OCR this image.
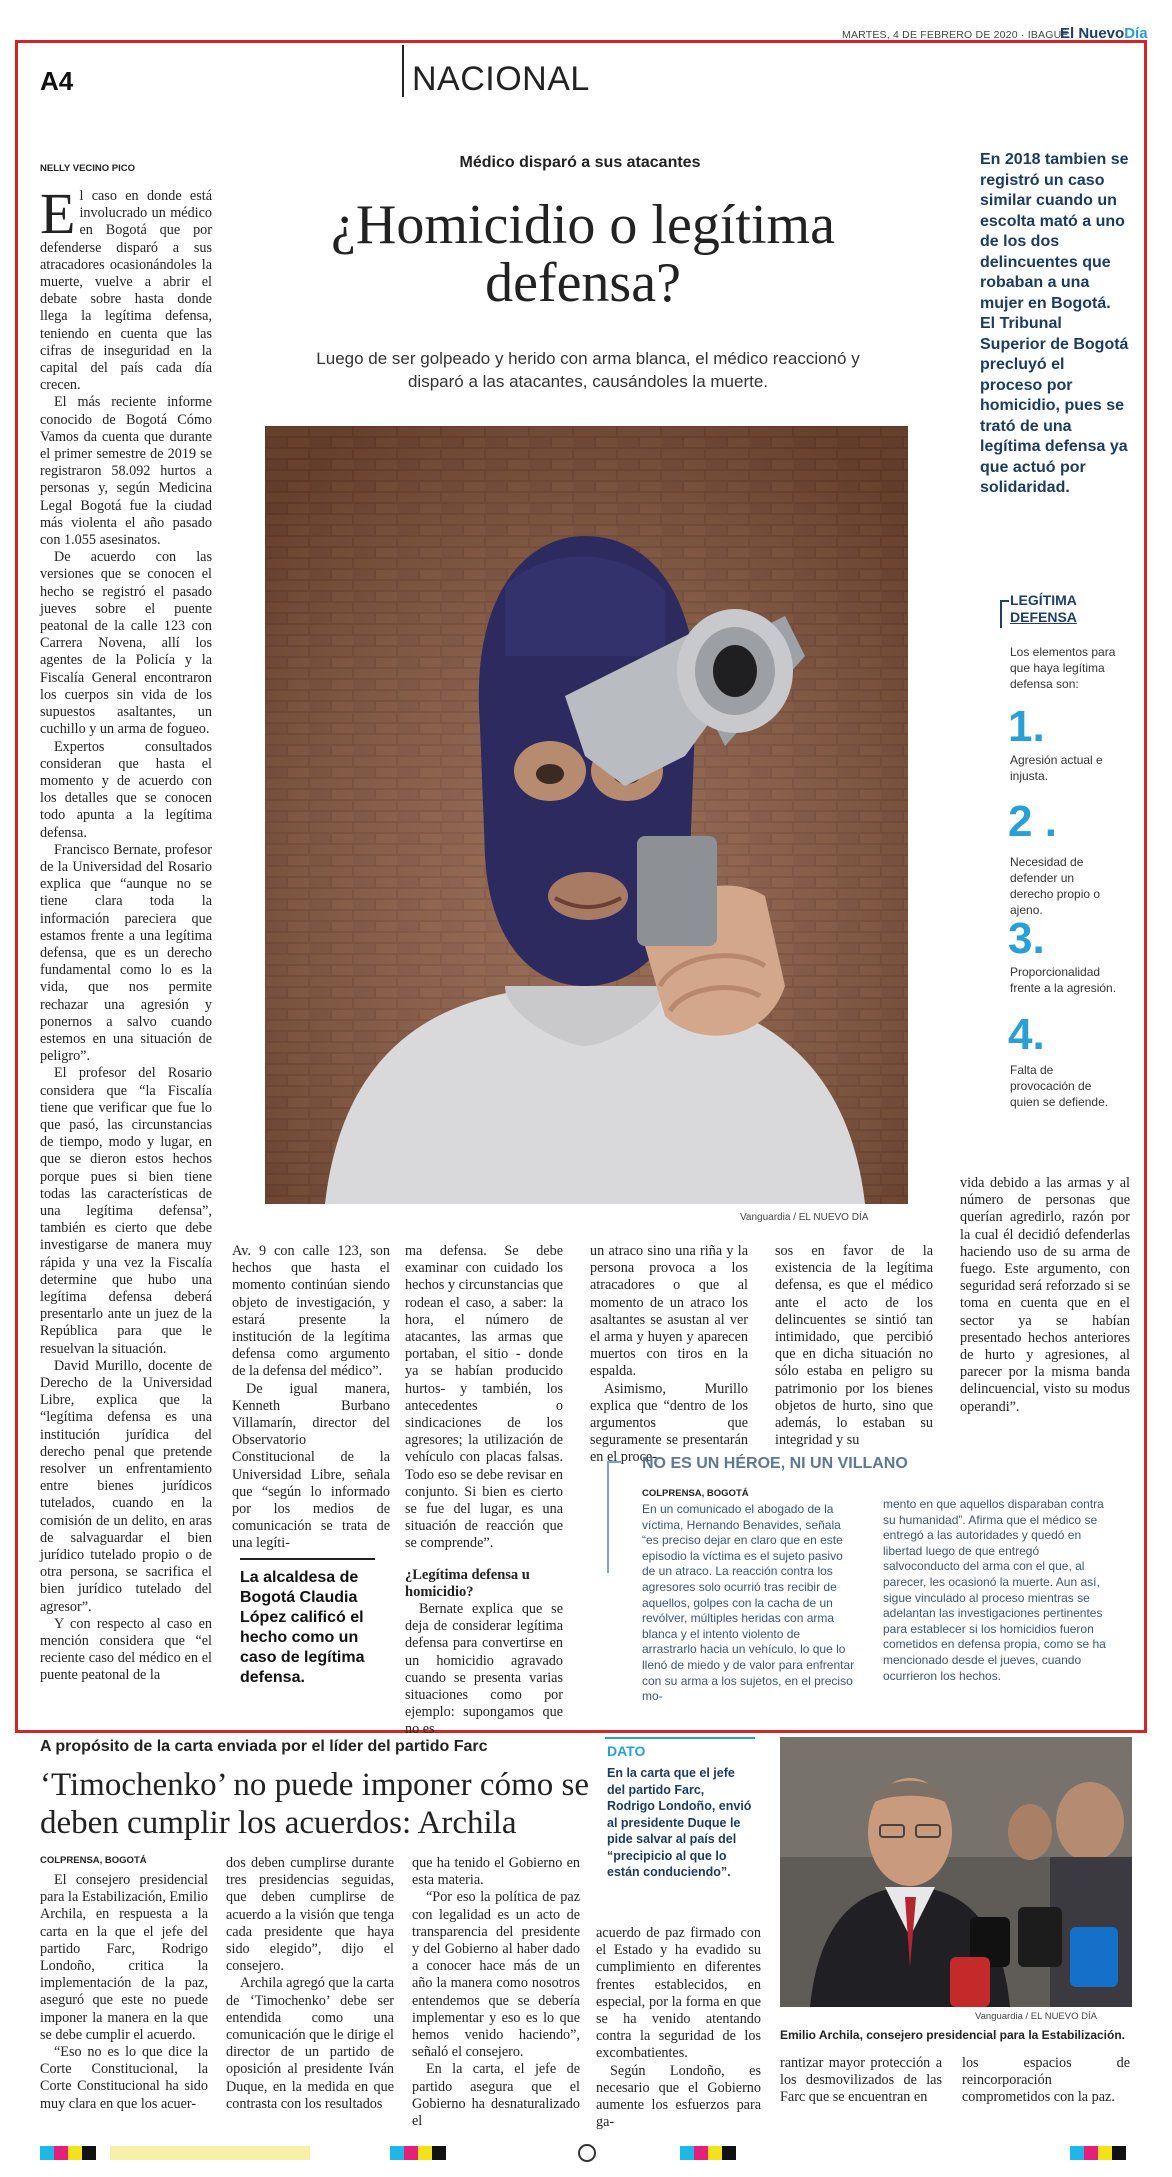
MARTES, 4 DE FEBRERO DE 2020 · IBAGUÉ
El NuevoDía
A4	NACIONAL
NELLY VECINO PICO	Médico disparó a sus atacantes
¿Homicidio o legítima defensa?
Luego de ser golpeado y herido con arma blanca, el médico reaccionó y disparó a las atacantes, causándoles la muerte.
Vanguardia / EL NUEVO DÍA
E l caso en donde está involucrado un médico en Bogotá que por defenderse disparó a sus atracadores ocasionándoles la muerte, vuelve a abrir el debate sobre hasta donde llega la legítima defensa, teniendo en cuenta que las cifras de inseguridad en la capital del país cada día crecen.

El más reciente informe conocido de Bogotá Cómo Vamos da cuenta que durante el primer semestre de 2019 se registraron 58.092 hurtos a personas y, según Medicina Legal Bogotá fue la ciudad más violenta el año pasado con 1.055 asesinatos.

De acuerdo con las versiones que se conocen el hecho se registró el pasado jueves sobre el puente peatonal de la calle 123 con Carrera Novena, allí los agentes de la Policía y la Fiscalía General encontraron los cuerpos sin vida de los supuestos asaltantes, un cuchillo y un arma de fogueo.

Expertos consultados consideran que hasta el momento y de acuerdo con los detalles que se conocen todo apunta a la legítima defensa.

Francisco Bernate, profesor de la Universidad del Rosario explica que “aunque no se tiene clara toda la información pareciera que estamos frente a una legítima defensa, que es un derecho fundamental como lo es la vida, que nos permite rechazar una agresión y ponernos a salvo cuando estemos en una situación de peligro”.

El profesor del Rosario considera que “la Fiscalía tiene que verificar que fue lo que pasó, las circunstancias de tiempo, modo y lugar, en que se dieron estos hechos porque pues si bien tiene todas las características de una legítima defensa”, también es cierto que debe investigarse de manera muy rápida y una vez la Fiscalía determine que hubo una legítima defensa deberá presentarlo ante un juez de la República para que le resuelvan la situación.

David Murillo, docente de Derecho de la Universidad Libre, explica que la “legítima defensa es una institución jurídica del derecho penal que pretende resolver un enfrentamiento entre bienes jurídicos tutelados, cuando en la comisión de un delito, en aras de salvaguardar el bien jurídico tutelado propio o de otra persona, se sacrifica el bien jurídico tutelado del agresor”.

Y con respecto al caso en mención considera que “el reciente caso del médico en el puente peatonal de la

Av. 9 con calle 123, son hechos que hasta el momento continúan siendo objeto de investigación, y estará presente la institución de la legítima defensa como argumento de la defensa del médico”.

De igual manera, Kenneth Burbano Villamarín, director del Observatorio Constitucional de la Universidad Libre, señala que “según lo informado por los medios de comunicación se trata de una legíti-

La alcaldesa de Bogotá Claudia López calificó el hecho como un caso de legítima defensa.

ma defensa. Se debe examinar con cuidado los hechos y circunstancias que rodean el caso, a saber: la hora, el número de atacantes, las armas que portaban, el sitio - donde ya se habían producido hurtos- y también, los antecedentes o sindicaciones de los agresores; la utilización de vehículo con placas falsas. Todo eso se debe revisar en conjunto. Si bien es cierto se fue del lugar, es una situación de reacción que se comprende”.

¿Legítima defensa u homicidio?

Bernate explica que se deja de considerar legítima defensa para convertirse en un homicidio agravado cuando se presenta varias situaciones como por ejemplo: supongamos que no es

un atraco sino una riña y la persona provoca a los atracadores o que al momento de un atraco los asaltantes se asustan al ver el arma y huyen y aparecen muertos con tiros en la espalda.

Asimismo, Murillo explica que “dentro de los argumentos que seguramente se presentarán en el proce-

sos en favor de la existencia de la legítima defensa, es que el médico ante el acto de los delincuentes se sintió tan intimidado, que percibió que en dicha situación no sólo estaba en peligro su patrimonio por los bienes objetos de hurto, sino que además, lo estaban su integridad y su

vida debido a las armas y al número de personas que querían agredirlo, razón por la cual él decidió defenderlas haciendo uso de su arma de fuego. Este argumento, con seguridad será reforzado si se toma en cuenta que en el sector ya se habían presentado hechos anteriores de hurto y agresiones, al parecer por la misma banda delincuencial, visto su modus operandi”.

En 2018 tambien se registró un caso similar cuando un escolta mató a uno de los dos delincuentes que robaban a una mujer en Bogotá. El Tribunal Superior de Bogotá precluyó el proceso por homicidio, pues se trató de una legítima defensa ya que actuó por solidaridad.
LEGÍTIMA
DEFENSA
Los elementos para que haya legítima defensa son:
1.
Agresión actual e injusta.
2 .
Necesidad de defender un derecho propio o ajeno.
3.
Proporcionalidad frente a la agresión.
4.
Falta de provocación de quien se defiende.
NO ES UN HÉROE, NI UN VILLANO
COLPRENSA, BOGOTÁ
En un comunicado el abogado de la víctima, Hernando Benavides, señala “es preciso dejar en claro que en este episodio la víctima es el sujeto pasivo de un atraco. La reacción contra los agresores solo ocurrió tras recibir de aquellos, golpes con la cacha de un revólver, múltiples heridas con arma blanca y el intento violento de arrastrarlo hacia un vehículo, lo que lo llenó de miedo y de valor para enfrentar con su arma a los sujetos, en el preciso mo-
mento en que aquellos disparaban contra su humanidad”. Afirma que el médico se entregó a las autoridades y quedó en libertad luego de que entregó salvoconducto del arma con el que, al parecer, les ocasionó la muerte. Aun así, sigue vinculado al proceso mientras se adelantan las investigaciones pertinentes para establecer si los homicidios fueron cometidos en defensa propia, como se ha mencionado desde el jueves, cuando ocurrieron los hechos.
A propósito de la carta enviada por el líder del partido Farc
‘Timochenko’ no puede imponer cómo se deben cumplir los acuerdos: Archila
COLPRENSA, BOGOTÁ

El consejero presidencial para la Estabilización, Emilio Archila, en respuesta a la carta en la que el jefe del partido Farc, Rodrigo Londoño, critica la implementación de la paz, aseguró que este no puede imponer la manera en la que se debe cumplir el acuerdo.

“Eso no es lo que dice la Corte Constitucional, la Corte Constitucional ha sido muy clara en que los acuer-

dos deben cumplirse durante tres presidencias seguidas, que deben cumplirse de acuerdo a la visión que tenga cada presidente que haya sido elegido”, dijo el consejero.

Archila agregó que la carta de ‘Timochenko’ debe ser entendida como una comunicación que le dirige el director de un partido de oposición al presidente Iván Duque, en la medida en que contrasta con los resultados

que ha tenido el Gobierno en esta materia.

“Por eso la política de paz con legalidad es un acto de transparencia del presidente y del Gobierno al haber dado a conocer hace más de un año la manera como nosotros entendemos que se debería implementar y eso es lo que hemos venido haciendo”, señaló el consejero.

En la carta, el jefe de partido asegura que el Gobierno ha desnaturalizado el

DATO
En la carta que el jefe del partido Farc, Rodrigo Londoño, envió al presidente Duque le pide salvar al país del “precipicio al que lo están conduciendo”.

acuerdo de paz firmado con el Estado y ha evadido su cumplimiento en diferentes frentes establecidos, en especial, por la forma en que se ha venido atentando contra la seguridad de los excombatientes.

Según Londoño, es necesario que el Gobierno aumente los esfuerzos para ga-

Vanguardia / EL NUEVO DÍA
Emilio Archila, consejero presidencial para la Estabilización.

rantizar mayor protección a los desmovilizados de las Farc que se encuentran en

los espacios de reincorporación comprometidos con la paz.
